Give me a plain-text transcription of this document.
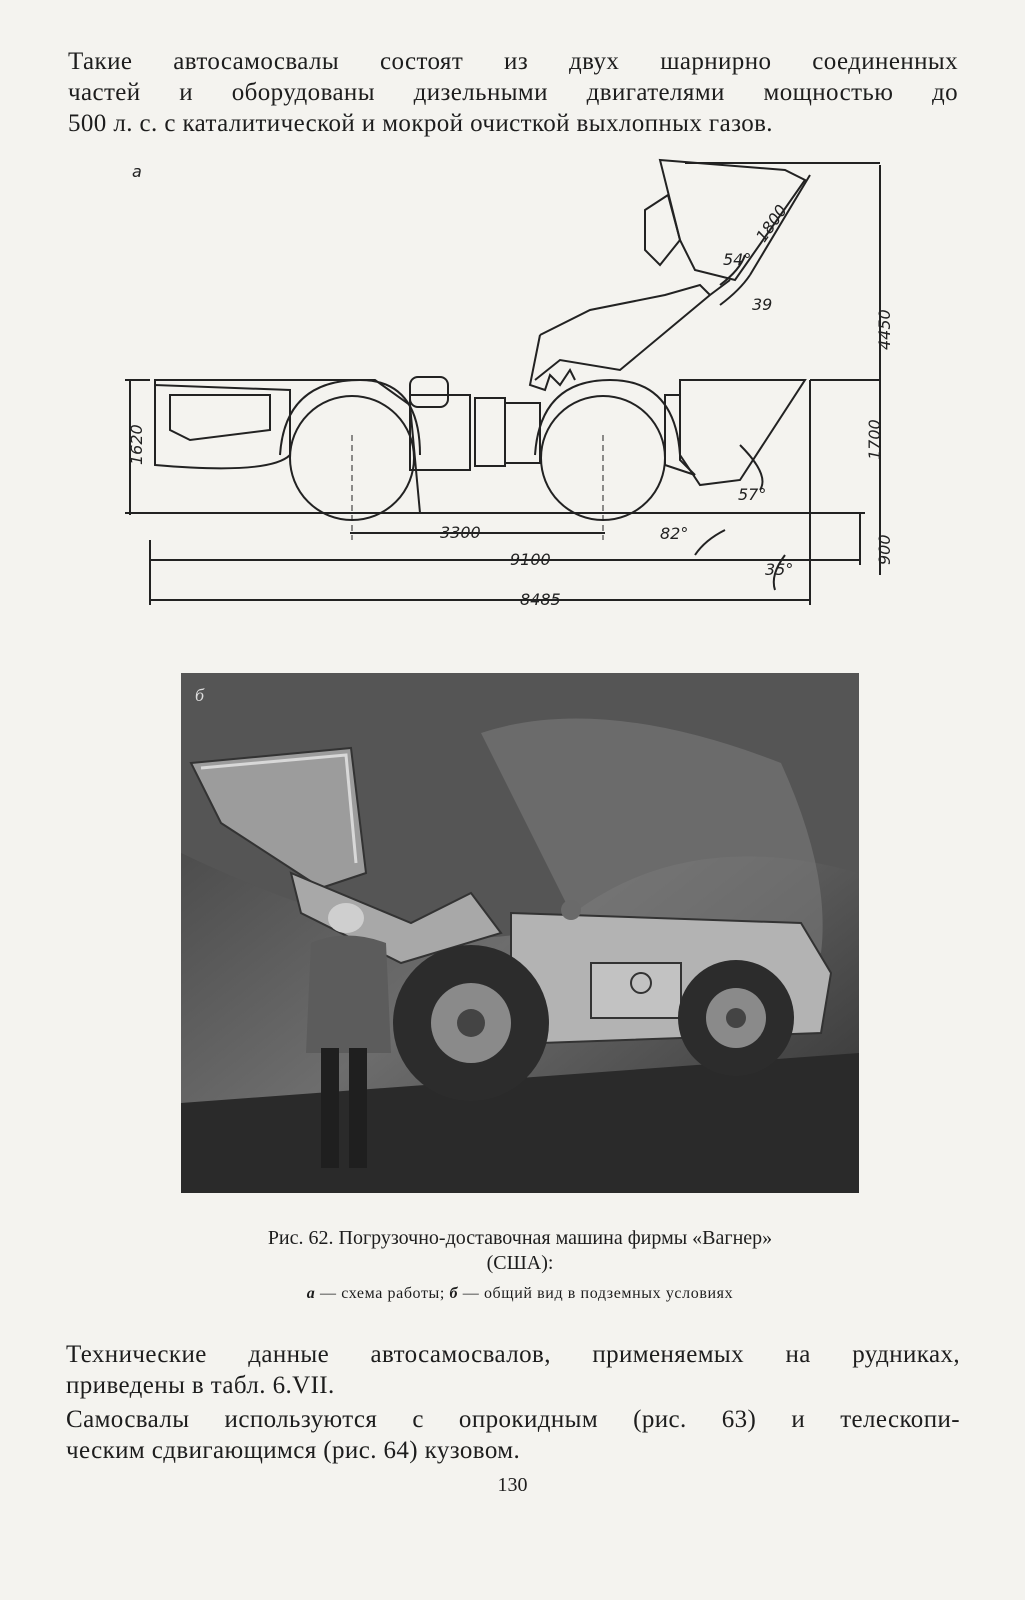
Такие автосамосвалы состоят из двух шарнирно соединенных
частей и оборудованы дизельными двигателями мощностью до
500 л. с. с каталитической и мокрой очисткой выхлопных газов.
а
1800
54°
39
4450
1620	1700
57°
3300	82°
9100	900
35°
8485
б
Рис. 62. Погрузочно-доставочная машина фирмы «Вагнер»
(США):
а — схема работы; б — общий вид в подземных условиях
Технические данные автосамосвалов, применяемых на рудниках,
приведены в табл. 6.VII.
Самосвалы используются с опрокидным (рис. 63) и телескопи-
ческим сдвигающимся (рис. 64) кузовом.
130
